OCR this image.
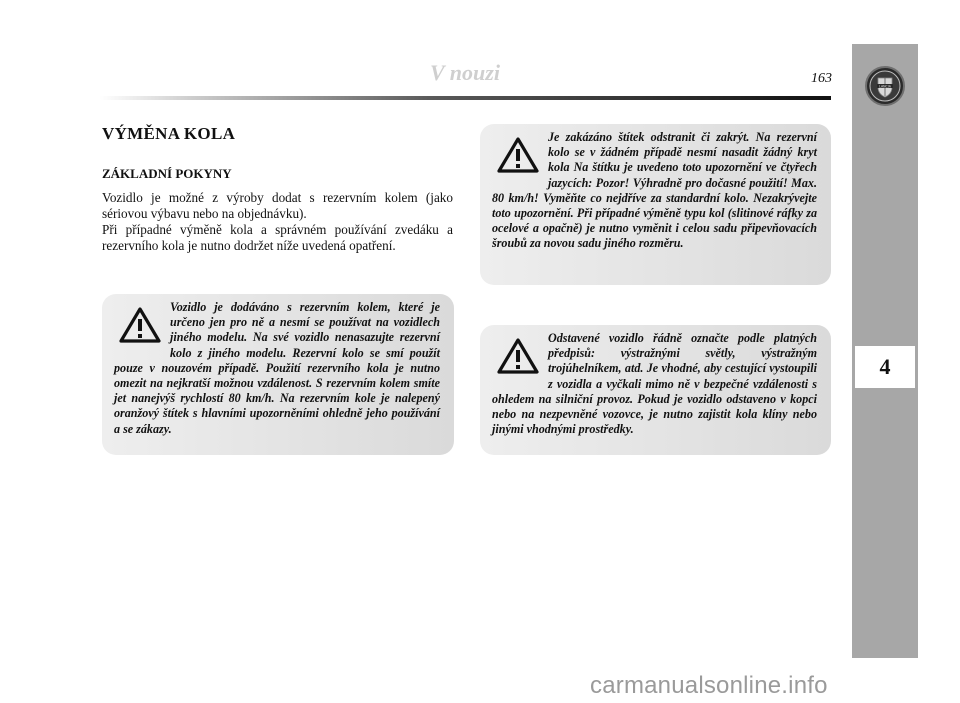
V nouzi	163
LANCIA
4
VÝMĚNA KOLA
ZÁKLADNÍ POKYNY

Vozidlo je možné z výroby dodat s rezervním kolem (jako sériovou výbavu nebo na objednávku).

Při případné výměně kola a správném používání zvedáku a rezervního kola je nutno dodržet níže uvedená opatření.

Vozidlo je dodáváno s rezervním kolem, které je určeno jen pro ně a nesmí se používat na vozidlech jiného modelu. Na své vozidlo nenasazujte rezervní kolo z jiného modelu. Rezervní kolo se smí použít pouze v nouzovém případě. Použití rezervního kola je nutno omezit na nejkratší možnou vzdálenost. S rezervním kolem smíte jet nanejvýš rychlostí 80 km/h. Na rezervním kole je nalepený oranžový štítek s hlavními upozorněními ohledně jeho používání a se zákazy.
Je zakázáno štítek odstranit či zakrýt. Na rezervní kolo se v žádném případě nesmí nasadit žádný kryt kola Na štítku je uvedeno toto upozornění ve čtyřech jazycích: Pozor! Výhradně pro dočasné použití! Max. 80 km/h! Vyměňte co nejdříve za standardní kolo. Nezakrývejte toto upozornění. Při případné výměně typu kol (slitinové ráfky za ocelové a opačně) je nutno vyměnit i celou sadu připevňovacích šroubů za novou sadu jiného rozměru.
Odstavené vozidlo řádně označte podle platných předpisů: výstražnými světly, výstražným trojúhelníkem, atd. Je vhodné, aby cestující vystoupili z vozidla a vyčkali mimo ně v bezpečné vzdálenosti s ohledem na silniční provoz. Pokud je vozidlo odstaveno v kopci nebo na nezpevněné vozovce, je nutno zajistit kola klíny nebo jinými vhodnými prostředky.
carmanualsonline.info
